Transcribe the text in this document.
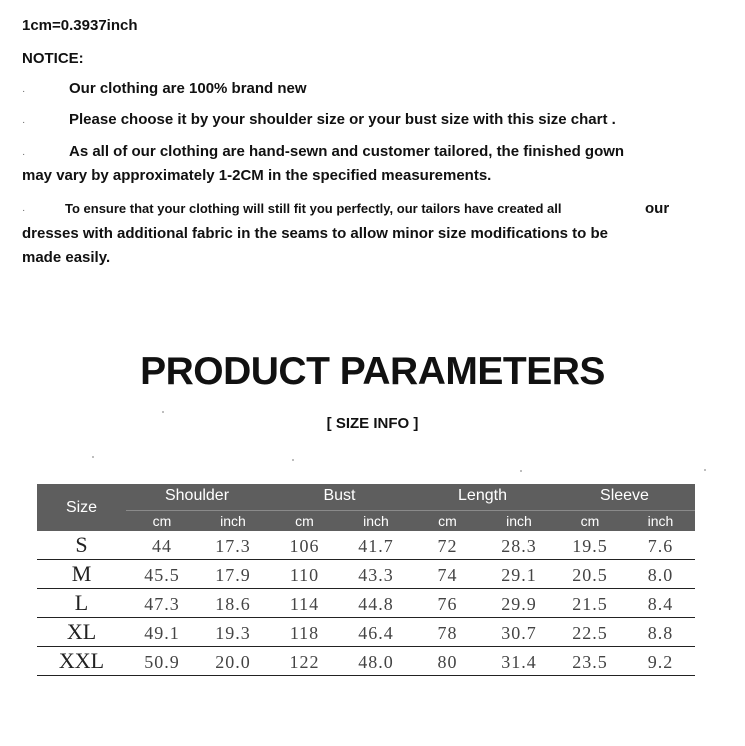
1cm=0.3937inch
NOTICE:
·	Our clothing are 100% brand new
·	Please choose it by your shoulder size or your bust size with this size chart .
·	As all of our clothing are hand-sewn and customer tailored, the finished gown
may vary by approximately 1-2CM in the specified measurements.
·	To ensure that your clothing will still fit you perfectly, our tailors have created all	our
dresses with additional fabric in the seams to allow minor size modifications to be
made easily.
PRODUCT PARAMETERS
[ SIZE INFO ]
Size
Shoulder	Bust	Length	Sleeve
cm	inch	cm	inch	cm	inch	cm	inch
S	44	17.3	106	41.7	72	28.3	19.5	7.6
M	45.5	17.9	110	43.3	74	29.1	20.5	8.0
L	47.3	18.6	114	44.8	76	29.9	21.5	8.4
XL	49.1	19.3	118	46.4	78	30.7	22.5	8.8
XXL	50.9	20.0	122	48.0	80	31.4	23.5	9.2
